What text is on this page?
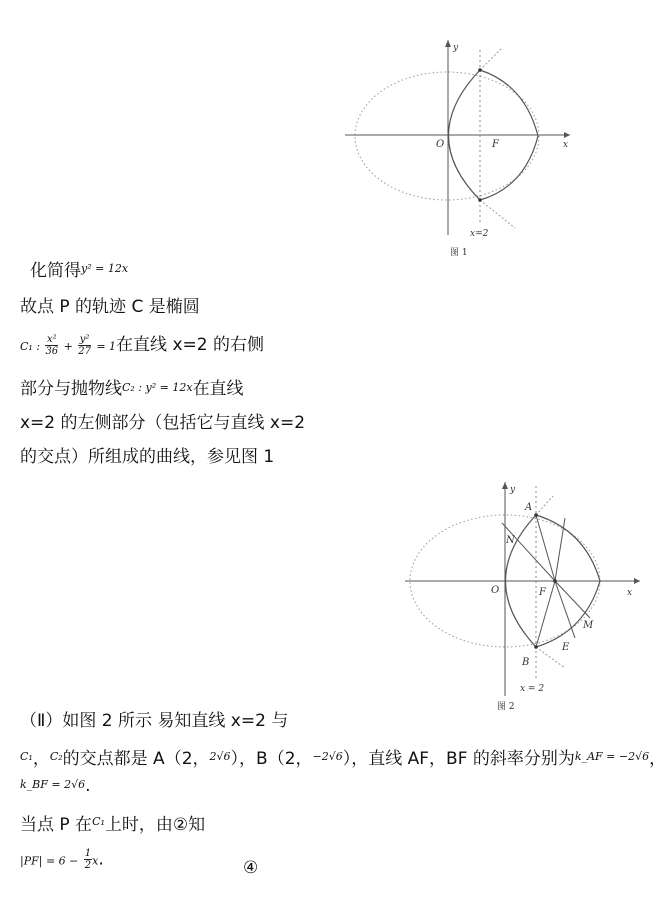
y
O	F	x
x=2
图 1
y
A
N
O	F	x
M
E
B
x = 2
图 2
化简得$^{y^2 = 12x}$
故点 P 的轨迹 C 是椭圆
C₁ : $\frac{\text{x²}}{36} + \frac{\text{y²}}{27} = 1$在直线 x=2 的右侧
部分与抛物线C₂ : y² = 12x在直线
x=2 的左侧部分（包括它与直线 x=2
的交点）所组成的曲线，参见图 1
（Ⅱ）如图 2 所示 易知直线 x=2 与
$^{C_1}$，$^{C_2}$的交点都是 A（2，$^{2√6}$），B（2，$^{-2√6}$），直线 AF，BF 的斜率分别为$^{k\_AF = -2√6}$，
k_BF = 2√6.
当点 P 在$^{C_1}$上时，由②知
$|PF| = 6 - \frac{1}{2} x$.	④
